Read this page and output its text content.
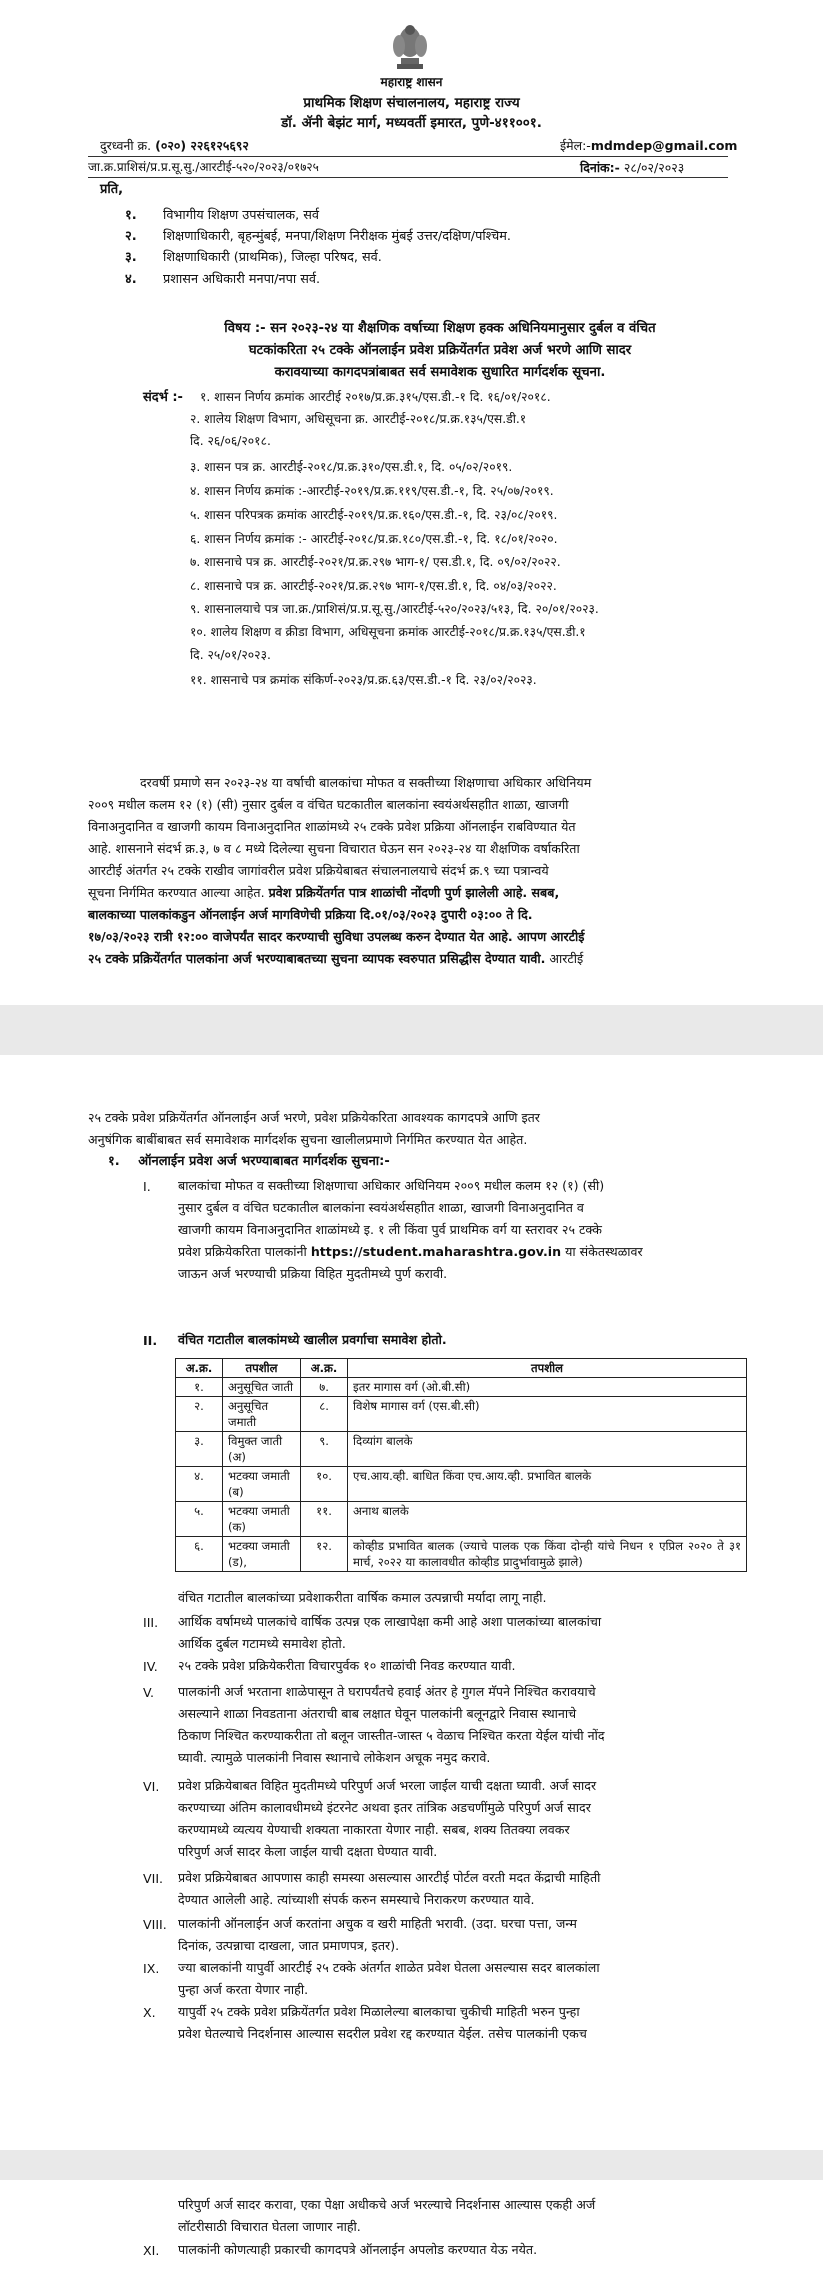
महाराष्ट्र शासन
प्राथमिक शिक्षण संचालनालय, महाराष्ट्र राज्य
डॉ. ॲनी बेझंट मार्ग, मध्यवर्ती इमारत, पुणे-४११००१.
दुरध्वनी क्र. (०२०) २२६१२५६९२	ईमेल:-mdmdep@gmail.com
जा.क्र.प्राशिसं/प्र.प्र.सू.सु./आरटीई-५२०/२०२३/०१७२५	दिनांक:- २८/०२/२०२३
प्रति,
१. विभागीय शिक्षण उपसंचालक, सर्व
२. शिक्षणाधिकारी, बृहन्मुंबई, मनपा/शिक्षण निरीक्षक मुंबई उत्तर/दक्षिण/पश्चिम.
३. शिक्षणाधिकारी (प्राथमिक), जिल्हा परिषद, सर्व.
४. प्रशासन अधिकारी मनपा/नपा सर्व.
विषय :- सन २०२३-२४ या शैक्षणिक वर्षाच्या शिक्षण हक्क अधिनियमानुसार दुर्बल व वंचित
घटकांकरिता २५ टक्के ऑनलाईन प्रवेश प्रक्रियेंतर्गत प्रवेश अर्ज भरणे आणि सादर
करावयाच्या कागदपत्रांबाबत सर्व समावेशक सुधारित मार्गदर्शक सूचना.
संदर्भ :- १. शासन निर्णय क्रमांक आरटीई २०१७/प्र.क्र.३१५/एस.डी.-१ दि. १६/०१/२०१८.
२. शालेय शिक्षण विभाग, अधिसूचना क्र. आरटीई-२०१८/प्र.क्र.१३५/एस.डी.१
दि. २६/०६/२०१८.
३. शासन पत्र क्र. आरटीई-२०१८/प्र.क्र.३१०/एस.डी.१, दि. ०५/०२/२०१९.
४. शासन निर्णय क्रमांक :-आरटीई-२०१९/प्र.क्र.११९/एस.डी.-१, दि. २५/०७/२०१९.
५. शासन परिपत्रक क्रमांक आरटीई-२०१९/प्र.क्र.१६०/एस.डी.-१, दि. २३/०८/२०१९.
६. शासन निर्णय क्रमांक :- आरटीई-२०१८/प्र.क्र.१८०/एस.डी.-१, दि. १८/०१/२०२०.
७. शासनाचे पत्र क्र. आरटीई-२०२१/प्र.क्र.२९७ भाग-१/ एस.डी.१, दि. ०९/०२/२०२२.
८. शासनाचे पत्र क्र. आरटीई-२०२१/प्र.क्र.२९७ भाग-१/एस.डी.१, दि. ०४/०३/२०२२.
९. शासनालयाचे पत्र जा.क्र./प्राशिसं/प्र.प्र.सू.सु./आरटीई-५२०/२०२३/५१३, दि. २०/०१/२०२३.
१०. शालेय शिक्षण व क्रीडा विभाग, अधिसूचना क्रमांक आरटीई-२०१८/प्र.क्र.१३५/एस.डी.१
दि. २५/०१/२०२३.
११. शासनाचे पत्र क्रमांक संकिर्ण-२०२३/प्र.क्र.६३/एस.डी.-१ दि. २३/०२/२०२३.
दरवर्षी प्रमाणे सन २०२३-२४ या वर्षाची बालकांचा मोफत व सक्तीच्या शिक्षणाचा अधिकार अधिनियम
२००९ मधील कलम १२ (१) (सी) नुसार दुर्बल व वंचित घटकातील बालकांना स्वयंअर्थसहाीत शाळा, खाजगी
विनाअनुदानित व खाजगी कायम विनाअनुदानित शाळांमध्ये २५ टक्के प्रवेश प्रक्रिया ऑनलाईन राबविण्यात येत
आहे. शासनाने संदर्भ क्र.३, ७ व ८ मध्ये दिलेल्या सुचना विचारात घेऊन सन २०२३-२४ या शैक्षणिक वर्षाकरिता
आरटीई अंतर्गत २५ टक्के राखीव जागांवरील प्रवेश प्रक्रियेबाबत संचालनालयाचे संदर्भ क्र.९ च्या पत्रान्वये
सूचना निर्गमित करण्यात आल्या आहेत. प्रवेश प्रक्रियेंतर्गत पात्र शाळांची नोंदणी पुर्ण झालेली आहे. सबब,
बालकाच्या पालकांकडुन ऑनलाईन अर्ज मागविणेची प्रक्रिया दि.०१/०३/२०२३ दुपारी ०३:०० ते दि.
१७/०३/२०२३ रात्री १२:०० वाजेपर्यंत सादर करण्याची सुविधा उपलब्ध करुन देण्यात येत आहे. आपण आरटीई
२५ टक्के प्रक्रियेंतर्गत पालकांना अर्ज भरण्याबाबतच्या सुचना व्यापक स्वरुपात प्रसिद्धीस देण्यात यावी. आरटीई
२५ टक्के प्रवेश प्रक्रियेंतर्गत ऑनलाईन अर्ज भरणे, प्रवेश प्रक्रियेकरिता आवश्यक कागदपत्रे आणि इतर
अनुषंगिक बाबींबाबत सर्व समावेशक मार्गदर्शक सुचना खालीलप्रमाणे निर्गमित करण्यात येत आहेत.
१. ऑनलाईन प्रवेश अर्ज भरण्याबाबत मार्गदर्शक सुचना:-
I. बालकांचा मोफत व सक्तीच्या शिक्षणाचा अधिकार अधिनियम २००९ मधील कलम १२ (१) (सी)
नुसार दुर्बल व वंचित घटकातील बालकांना स्वयंअर्थसहाीत शाळा, खाजगी विनाअनुदानित व
खाजगी कायम विनाअनुदानित शाळांमध्ये इ. १ ली किंवा पुर्व प्राथमिक वर्ग या स्तरावर २५ टक्के
प्रवेश प्रक्रियेकरिता पालकांनी https://student.maharashtra.gov.in या संकेतस्थळावर
जाऊन अर्ज भरण्याची प्रक्रिया विहित मुदतीमध्ये पुर्ण करावी.
II. वंचित गटातील बालकांमध्ये खालील प्रवर्गाचा समावेश होतो.
अ.क्र.	तपशील	अ.क्र.	तपशील
१.	अनुसूचित जाती	७.	इतर मागास वर्ग (ओ.बी.सी)
२.	अनुसूचित जमाती	८.	विशेष मागास वर्ग (एस.बी.सी)
३.	विमुक्त जाती (अ)	९.	दिव्यांग बालके
४.	भटक्या जमाती (ब)	१०.	एच.आय.व्ही. बाधित किंवा एच.आय.व्ही. प्रभावित बालके
५.	भटक्या जमाती (क)	११.	अनाथ बालके
६.	भटक्या जमाती (ड),	१२.	कोव्हीड प्रभावित बालक (ज्याचे पालक एक किंवा दोन्ही यांचे निधन १ एप्रिल २०२० ते ३१ मार्च, २०२२ या कालावधीत कोव्हीड प्रादुर्भावामुळे झाले)
वंचित गटातील बालकांच्या प्रवेशाकरीता वार्षिक कमाल उत्पन्नाची मर्यादा लागू नाही.
III. आर्थिक वर्षामध्ये पालकांचे वार्षिक उत्पन्न एक लाखापेक्षा कमी आहे अशा पालकांच्या बालकांचा
आर्थिक दुर्बल गटामध्ये समावेश होतो.
IV. २५ टक्के प्रवेश प्रक्रियेकरीता विचारपुर्वक १० शाळांची निवड करण्यात यावी.
V. पालकांनी अर्ज भरताना शाळेपासून ते घरापर्यंतचे हवाई अंतर हे गुगल मॅपने निश्चित करावयाचे
असल्याने शाळा निवडताना अंतराची बाब लक्षात घेवून पालकांनी बलूनद्वारे निवास स्थानाचे
ठिकाण निश्चित करण्याकरीता तो बलून जास्तीत-जास्त ५ वेळाच निश्चित करता येईल यांची नोंद
घ्यावी. त्यामुळे पालकांनी निवास स्थानाचे लोकेशन अचूक नमुद करावे.
VI. प्रवेश प्रक्रियेबाबत विहित मुदतीमध्ये परिपुर्ण अर्ज भरला जाईल याची दक्षता घ्यावी. अर्ज सादर
करण्याच्या अंतिम कालावधीमध्ये इंटरनेट अथवा इतर तांत्रिक अडचणींमुळे परिपुर्ण अर्ज सादर
करण्यामध्ये व्यत्यय येण्याची शक्यता नाकारता येणार नाही. सबब, शक्य तितक्या लवकर
परिपुर्ण अर्ज सादर केला जाईल याची दक्षता घेण्यात यावी.
VII. प्रवेश प्रक्रियेबाबत आपणास काही समस्या असल्यास आरटीई पोर्टल वरती मदत केंद्राची माहिती
देण्यात आलेली आहे. त्यांच्याशी संपर्क करुन समस्याचे निराकरण करण्यात यावे.
VIII. पालकांनी ऑनलाईन अर्ज करतांना अचुक व खरी माहिती भरावी. (उदा. घरचा पत्ता, जन्म
दिनांक, उत्पन्नाचा दाखला, जात प्रमाणपत्र, इतर).
IX. ज्या बालकांनी यापुर्वी आरटीई २५ टक्के अंतर्गत शाळेत प्रवेश घेतला असल्यास सदर बालकांला
पुन्हा अर्ज करता येणार नाही.
X. यापुर्वी २५ टक्के प्रवेश प्रक्रियेंतर्गत प्रवेश मिळालेल्या बालकाचा चुकीची माहिती भरुन पुन्हा
प्रवेश घेतल्याचे निदर्शनास आल्यास सदरील प्रवेश रद्द करण्यात येईल. तसेच पालकांनी एकच
परिपुर्ण अर्ज सादर करावा, एका पेक्षा अधीकचे अर्ज भरल्याचे निदर्शनास आल्यास एकही अर्ज
लॉटरीसाठी विचारात घेतला जाणार नाही.
XI. पालकांनी कोणत्याही प्रकारची कागदपत्रे ऑनलाईन अपलोड करण्यात येऊ नयेत.
